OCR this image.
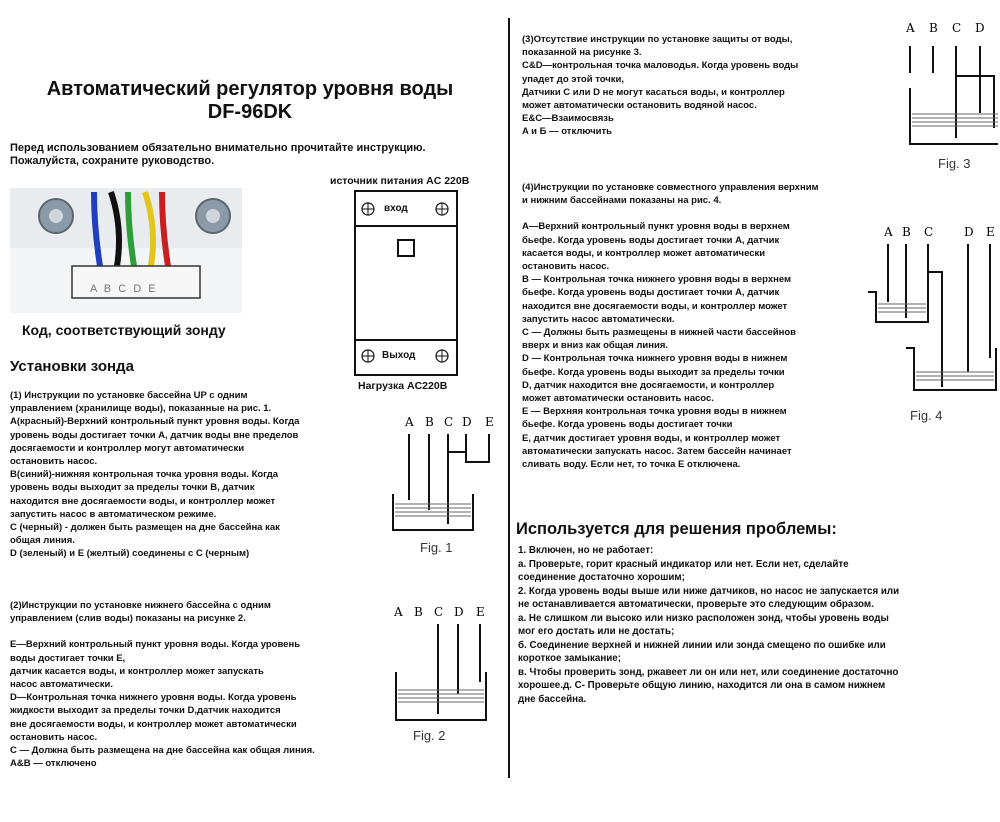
Автоматический регулятор уровня воды
DF-96DK
Перед использованием обязательно внимательно прочитайте инструкцию.
Пожалуйста, сохраните руководство.
A B C D E
Код, соответствующий зонду
источник питания AC 220В
вход
Выход
Нагрузка AC220В
Установки зонда
(1) Инструкции по установке бассейна UP с одним
управлением (хранилище воды), показанные на рис. 1.
A(красный)-Верхний контрольный пункт уровня воды. Когда
уровень воды достигает точки A, датчик воды вне пределов
досягаемости и контроллер могут автоматически
остановить насос.
B(синий)-нижняя контрольная точка уровня воды. Когда
уровень воды выходит за пределы точки B, датчик
находится вне досягаемости воды, и контроллер может
запустить насос в автоматическом режиме.
C (черный) - должен быть размещен на дне бассейна как
общая линия.
D (зеленый) и E (желтый) соединены с C (черным)
A B C D E
Fig. 1
(2)Инструкции по установке нижнего бассейна с одним
управлением (слив воды) показаны на рисунке 2.
E—Верхний контрольный пункт уровня воды. Когда уровень
воды достигает точки E,
датчик касается воды, и контроллер может запускать
насос автоматически.
D—Контрольная точка нижнего уровня воды. Когда уровень
жидкости выходит за пределы точки D,датчик находится
вне досягаемости воды, и контроллер может автоматически
остановить насос.
C — Должна быть размещена на дне бассейна как общая линия.
A&B — отключено
A B C D E
Fig. 2
(3)Отсутствие инструкции по установке защиты от воды,
показанной на рисунке 3.
C&D—контрольная точка маловодья. Когда уровень воды
упадет до этой точки,
Датчики C или D не могут касаться воды, и контроллер
может автоматически остановить водяной насос.
E&C—Взаимосвязь
A и Б — отключить
A B C D
Fig. 3
(4)Инструкции по установке совместного управления верхним
и нижним бассейнами показаны на рис. 4.
A—Верхний контрольный пункт уровня воды в верхнем
бьефе. Когда уровень воды достигает точки A, датчик
касается воды, и контроллер может автоматически
остановить насос.
B — Контрольная точка нижнего уровня воды в верхнем
бьефе. Когда уровень воды достигает точки A, датчик
находится вне досягаемости воды, и контроллер может
запустить насос автоматически.
C — Должны быть размещены в нижней части бассейнов
вверх и вниз как общая линия.
D — Контрольная точка нижнего уровня воды в нижнем
бьефе. Когда уровень воды выходит за пределы точки
D, датчик находится вне досягаемости, и контроллер
может автоматически остановить насос.
E — Верхняя контрольная точка уровня воды в нижнем
бьефе. Когда уровень воды достигает точки
E, датчик достигает уровня воды, и контроллер может
автоматически запускать насос. Затем бассейн начинает
сливать воду. Если нет, то точка E отключена.
A B C	D E
Fig. 4
Используется для решения проблемы:
1. Включен, но не работает:
a. Проверьте, горит красный индикатор или нет. Если нет, сделайте
соединение достаточно хорошим;
2. Когда уровень воды выше или ниже датчиков, но насос не запускается или
не останавливается автоматически, проверьте это следующим образом.
a. Не слишком ли высоко или низко расположен зонд, чтобы уровень воды
мог его достать или не достать;
б. Соединение верхней и нижней линии или зонда смещено по ошибке или
короткое замыкание;
в. Чтобы проверить зонд, ржавеет ли он или нет, или соединение достаточно
хорошее.д. C- Проверьте общую линию, находится ли она в самом нижнем
дне бассейна.
